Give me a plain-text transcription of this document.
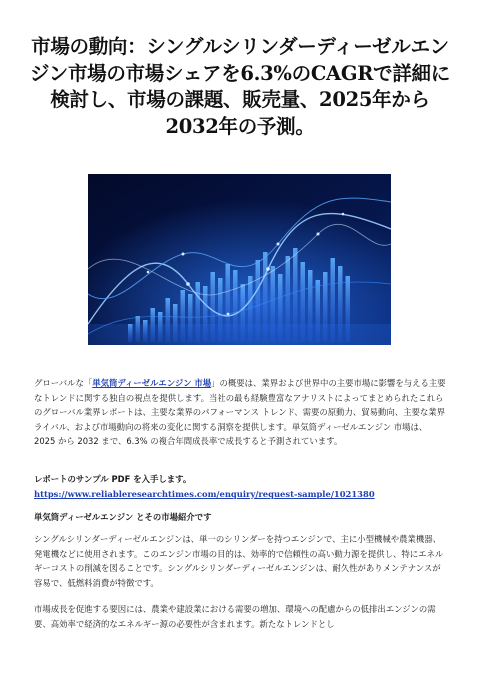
市場の動向：シングルシリンダーディーゼルエンジン市場の市場シェアを6.3%のCAGRで詳細に検討し、市場の課題、販売量、2025年から2032年の予測。

グローバルな「単気筒ディーゼルエンジン 市場」の概要は、業界および世界中の主要市場に影響を与える主要なトレンドに関する独自の視点を提供します。当社の最も経験豊富なアナリストによってまとめられたこれらのグローバル業界レポートは、主要な業界のパフォーマンス トレンド、需要の原動力、貿易動向、主要な業界ライバル、および市場動向の将来の変化に関する洞察を提供します。単気筒ディーゼルエンジン 市場は、2025 から 2032 まで、6.3% の複合年間成長率で成長すると予測されています。

レポートのサンプル PDF を入手します。 https://www.reliableresearchtimes.com/enquiry/request-sample/1021380

単気筒ディーゼルエンジン とその市場紹介です

シングルシリンダーディーゼルエンジンは、単一のシリンダーを持つエンジンで、主に小型機械や農業機器、発電機などに使用されます。このエンジン市場の目的は、効率的で信頼性の高い動力源を提供し、特にエネルギーコストの削減を図ることです。シングルシリンダーディーゼルエンジンは、耐久性がありメンテナンスが容易で、低燃料消費が特徴です。

市場成長を促進する要因には、農業や建設業における需要の増加、環境への配慮からの低排出エンジンの需要、高効率で経済的なエネルギー源の必要性が含まれます。新たなトレンドとし
